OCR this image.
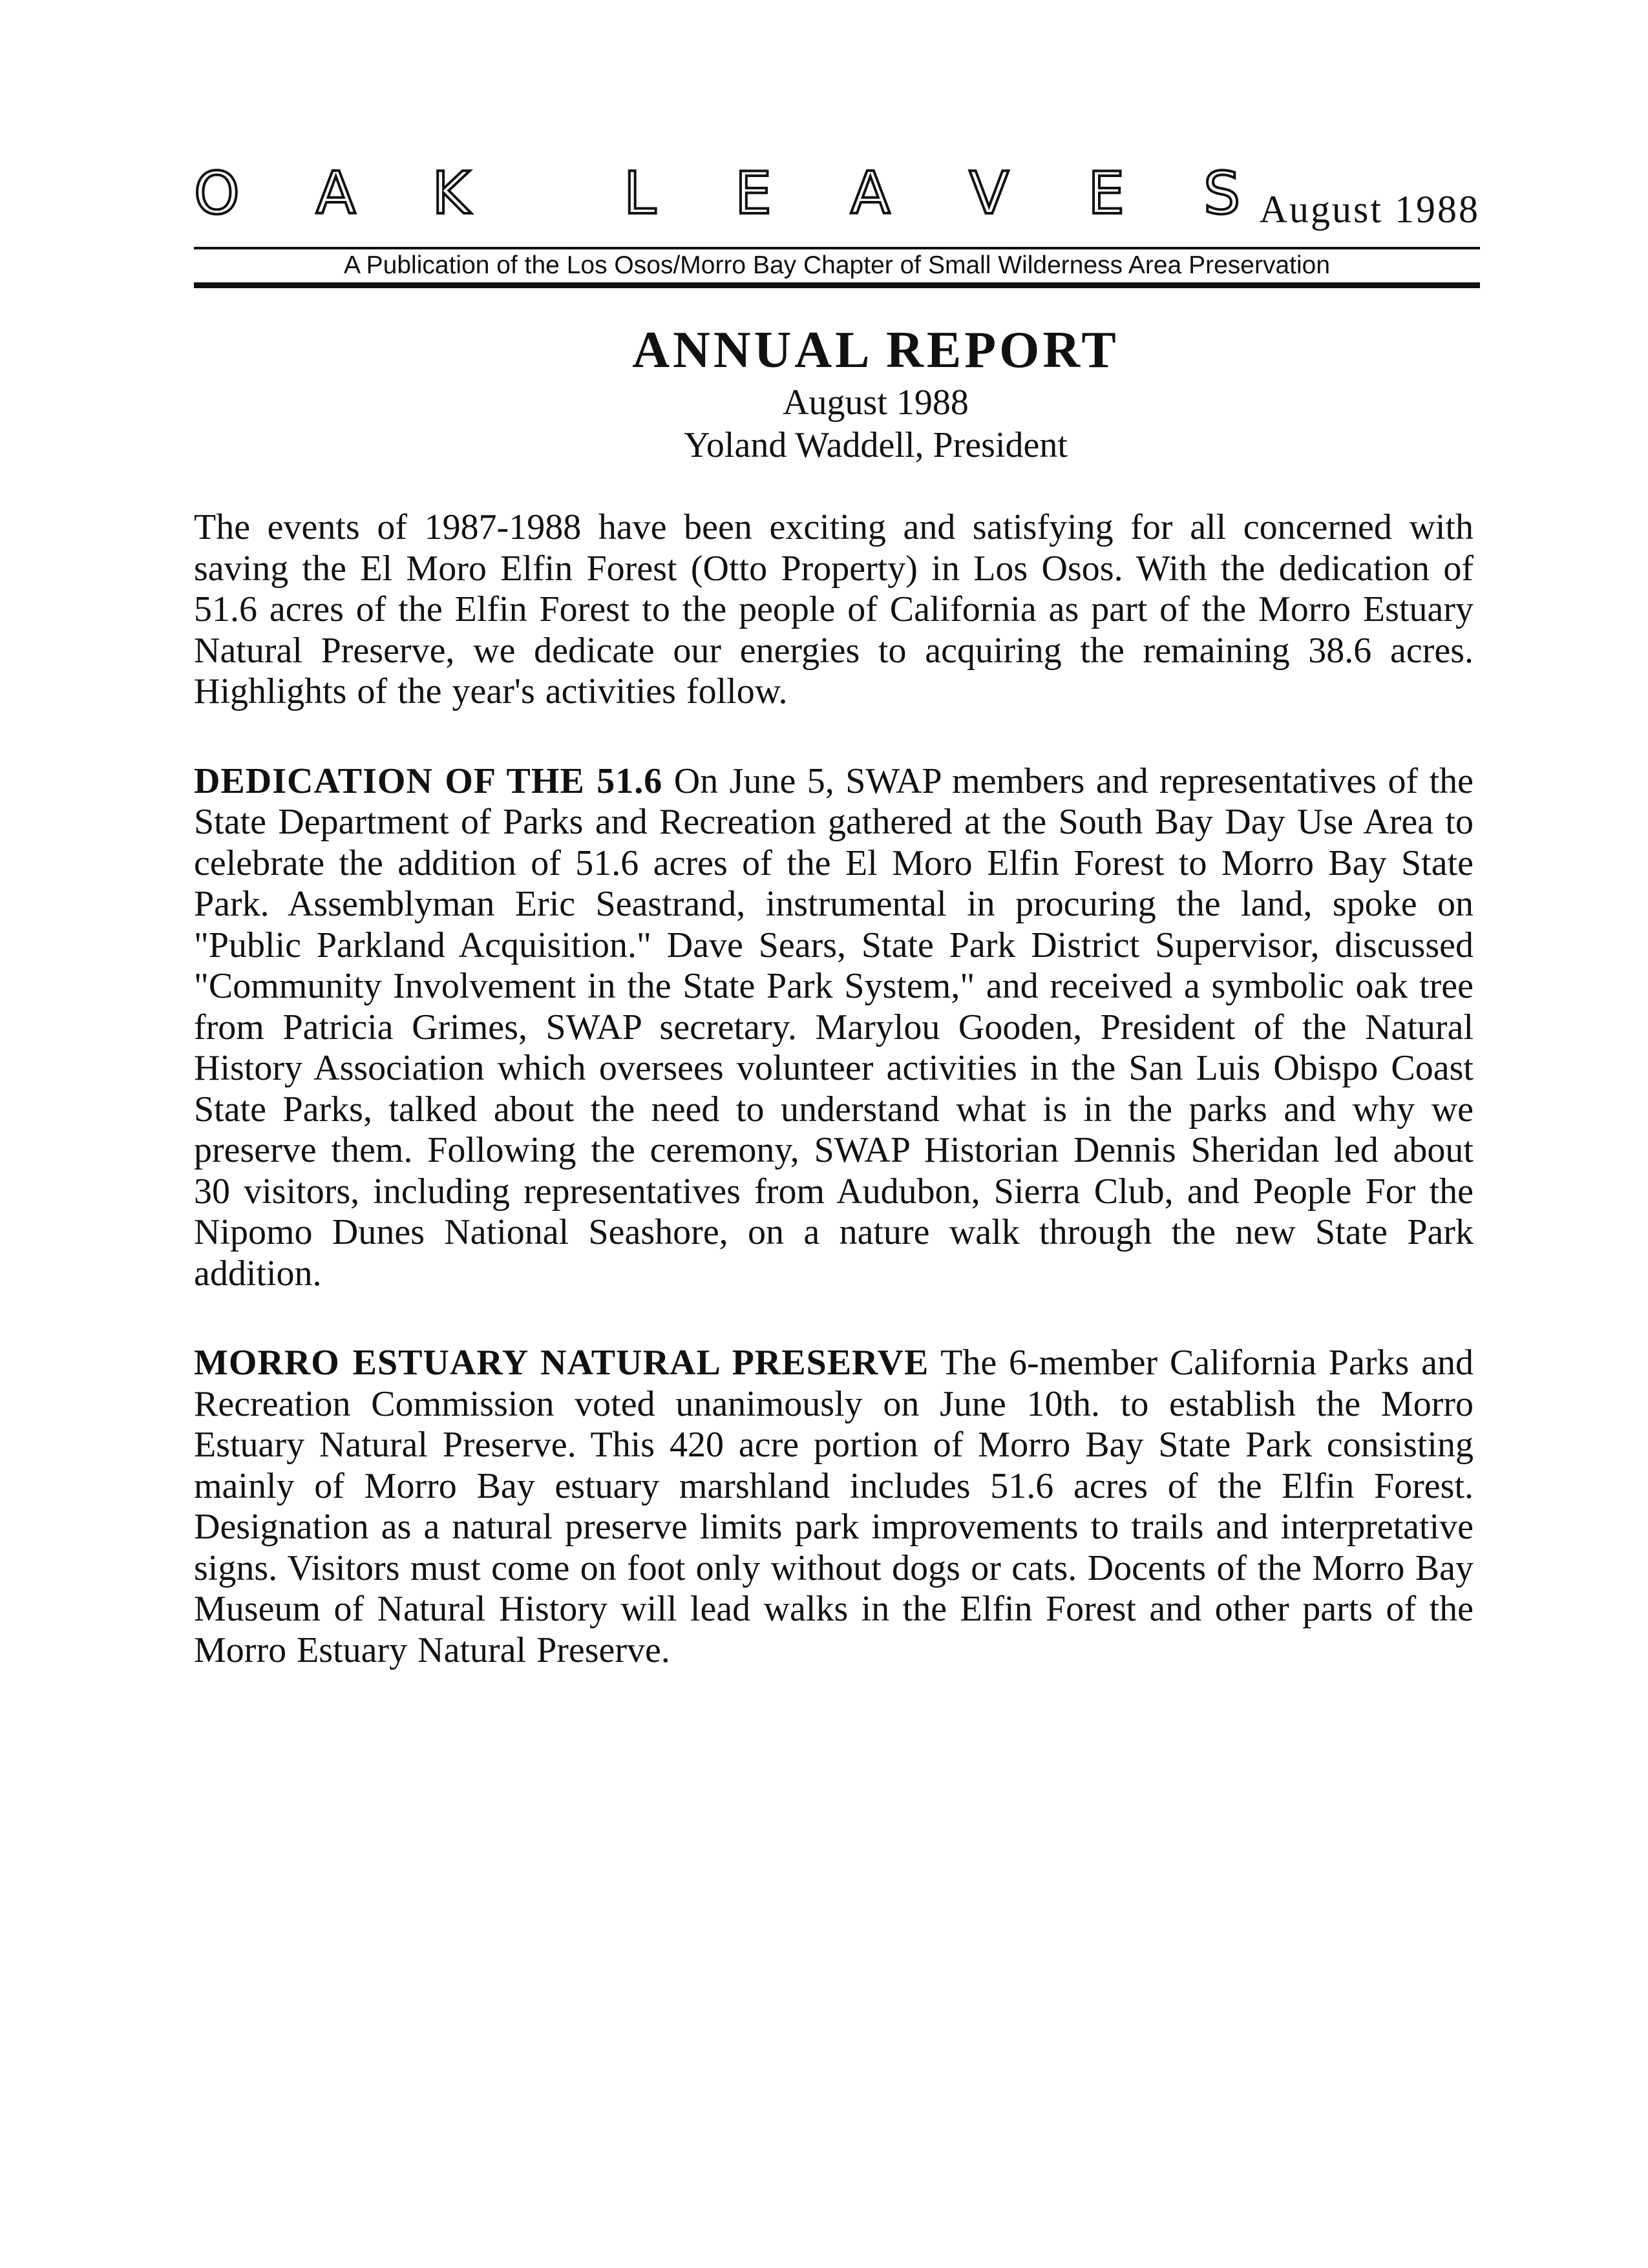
O A K	L E A V E S August 1988
A Publication of the Los Osos/Morro Bay Chapter of Small Wilderness Area Preservation
ANNUAL REPORT
August 1988
Yoland Waddell, President

The events of 1987-1988 have been exciting and satisfying for all concerned with saving the El Moro Elfin Forest (Otto Property) in Los Osos. With the dedication of 51.6 acres of the Elfin Forest to the people of California as part of the Morro Estuary Natural Preserve, we dedicate our energies to acquiring the remaining 38.6 acres. Highlights of the year's activities follow.

DEDICATION OF THE 51.6 On June 5, SWAP members and representatives of the State Department of Parks and Recreation gathered at the South Bay Day Use Area to celebrate the addition of 51.6 acres of the El Moro Elfin Forest to Morro Bay State Park. Assemblyman Eric Seastrand, instrumental in procuring the land, spoke on "Public Parkland Acquisition." Dave Sears, State Park District Supervisor, discussed "Community Involvement in the State Park System," and received a symbolic oak tree from Patricia Grimes, SWAP secretary. Marylou Gooden, President of the Natural History Association which oversees volunteer activities in the San Luis Obispo Coast State Parks, talked about the need to understand what is in the parks and why we preserve them. Following the ceremony, SWAP Historian Dennis Sheridan led about 30 visitors, including representatives from Audubon, Sierra Club, and People For the Nipomo Dunes National Seashore, on a nature walk through the new State Park addition.

MORRO ESTUARY NATURAL PRESERVE The 6-member California Parks and Recreation Commission voted unanimously on June 10th. to establish the Morro Estuary Natural Preserve. This 420 acre portion of Morro Bay State Park consisting mainly of Morro Bay estuary marshland includes 51.6 acres of the Elfin Forest. Designation as a natural preserve limits park improvements to trails and interpretative signs. Visitors must come on foot only without dogs or cats. Docents of the Morro Bay Museum of Natural History will lead walks in the Elfin Forest and other parts of the Morro Estuary Natural Preserve.
